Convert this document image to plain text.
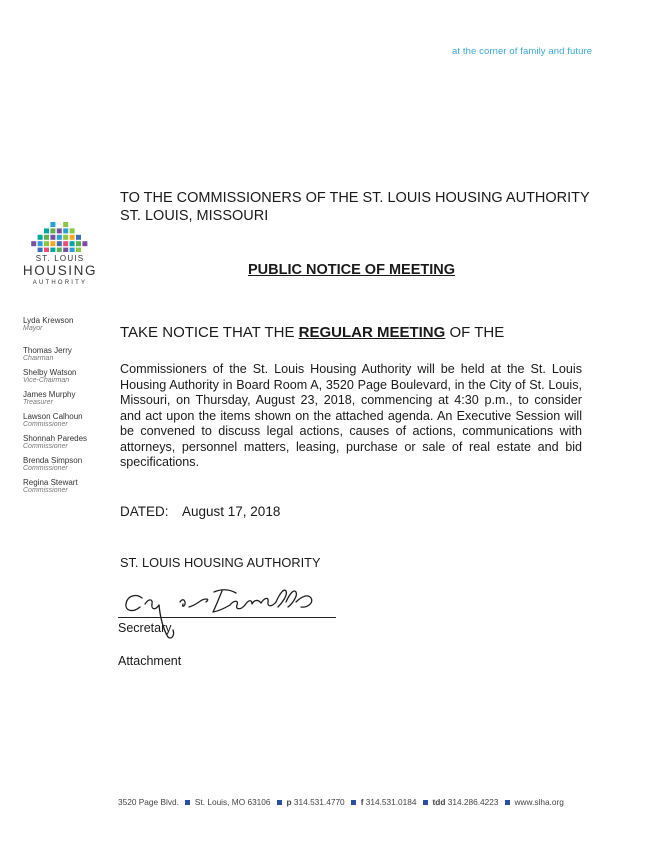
at the corner of family and future
ST. LOUIS
HOUSING
AUTHORITY
Lyda Krewson
Mayor
Thomas Jerry
Chairman
Shelby Watson
Vice-Chairman
James Murphy
Treasurer
Lawson Calhoun
Commissioner
Shonnah Paredes
Commissioner
Brenda Simpson
Commissioner
Regina Stewart
Commissioner
TO THE COMMISSIONERS OF THE ST. LOUIS HOUSING AUTHORITY
ST. LOUIS, MISSOURI
PUBLIC NOTICE OF MEETING
TAKE NOTICE THAT THE REGULAR MEETING OF THE
Commissioners of the St. Louis Housing Authority will be held at the St. Louis Housing Authority in Board Room A, 3520 Page Boulevard, in the City of St. Louis, Missouri, on Thursday, August 23, 2018, commencing at 4:30 p.m., to consider and act upon the items shown on the attached agenda. An Executive Session will be convened to discuss legal actions, causes of actions, communications with attorneys, personnel matters, leasing, purchase or sale of real estate and bid specifications.
DATED: August 17, 2018
ST. LOUIS HOUSING AUTHORITY
Secretary
Attachment
3520 Page Blvd. St. Louis, MO 63106 p 314.531.4770 f 314.531.0184 tdd 314.286.4223 www.slha.org
